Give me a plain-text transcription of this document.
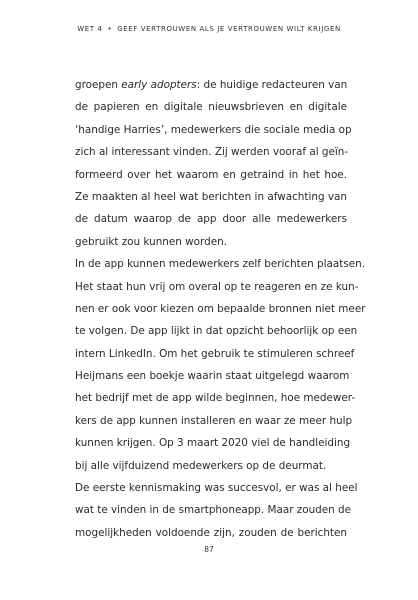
WET 4 • GEEF VERTROUWEN ALS JE VERTROUWEN WILT KRIJGEN

groepen early adopters: de huidige redacteuren van
de papieren en digitale nieuwsbrieven en digitale
‘handige Harries’, medewerkers die sociale media op
zich al interessant vinden. Zij werden vooraf al geïn-
formeerd over het waarom en getraind in het hoe.
Ze maakten al heel wat berichten in afwachting van
de datum waarop de app door alle medewerkers
gebruikt zou kunnen worden.

In de app kunnen medewerkers zelf berichten plaatsen.
Het staat hun vrij om overal op te reageren en ze kun-
nen er ook voor kiezen om bepaalde bronnen niet meer
te volgen. De app lijkt in dat opzicht behoorlijk op een
intern LinkedIn. Om het gebruik te stimuleren schreef
Heijmans een boekje waarin staat uitgelegd waarom
het bedrijf met de app wilde beginnen, hoe medewer-
kers de app kunnen installeren en waar ze meer hulp
kunnen krijgen. Op 3 maart 2020 viel de handleiding
bij alle vijfduizend medewerkers op de deurmat.

De eerste kennismaking was succesvol, er was al heel
wat te vinden in de smartphoneapp. Maar zouden de
mogelijkheden voldoende zijn, zouden de berichten

87
